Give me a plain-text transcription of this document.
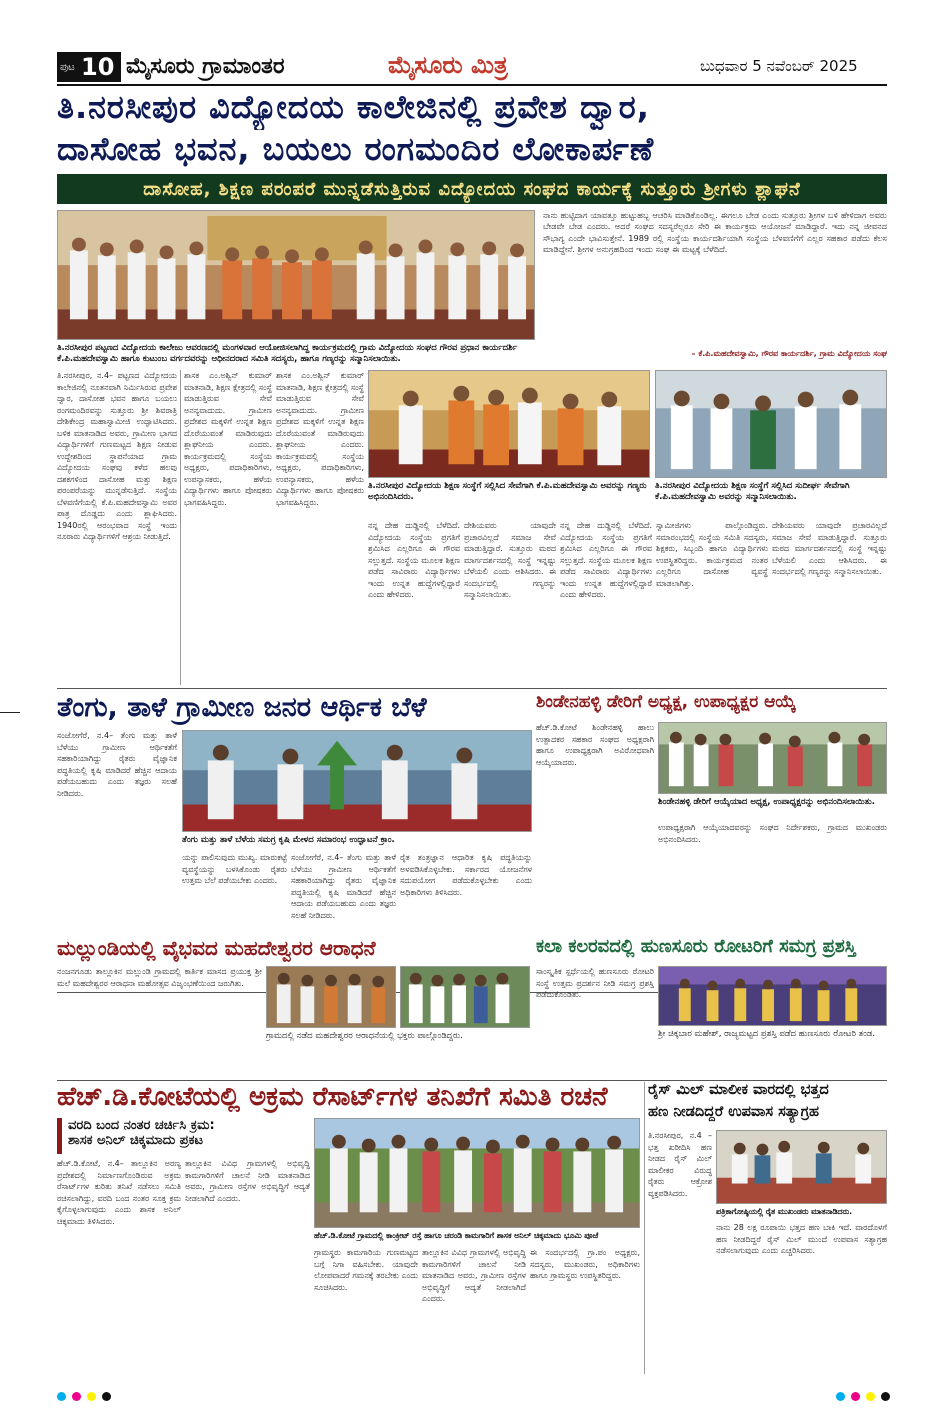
ಪುಟ 10 ಮೈಸೂರು ಗ್ರಾಮಾಂತರ	ಮೈಸೂರು ಮಿತ್ರ	ಬುಧವಾರ 5 ನವೆಂಬರ್ 2025
ತಿ.ನರಸೀಪುರ ವಿದ್ಯೋದಯ ಕಾಲೇಜಿನಲ್ಲಿ ಪ್ರವೇಶ ದ್ವಾರ,
ದಾಸೋಹ ಭವನ, ಬಯಲು ರಂಗಮಂದಿರ ಲೋಕಾರ್ಪಣೆ
ದಾಸೋಹ, ಶಿಕ್ಷಣ ಪರಂಪರೆ ಮುನ್ನಡೆಸುತ್ತಿರುವ ವಿದ್ಯೋದಯ ಸಂಘದ ಕಾರ್ಯಕ್ಕೆ ಸುತ್ತೂರು ಶ್ರೀಗಳು ಶ್ಲಾಘನೆ
ತಿ.ನರಸೀಪುರ ಪಟ್ಟಣದ ವಿದ್ಯೋದಯ ಕಾಲೇಜು ಆವರಣದಲ್ಲಿ ಮಂಗಳವಾರ ಆಯೋಜಿಸಲಾಗಿದ್ದ ಕಾರ್ಯಕ್ರಮದಲ್ಲಿ ಗ್ರಾಮ ವಿದ್ಯೋದಯ ಸಂಘದ ಗೌರವ ಪ್ರಧಾನ ಕಾರ್ಯದರ್ಶಿ ಕೆ.ಪಿ.ಮಹದೇವಸ್ವಾಮಿ ಹಾಗೂ ಕುಟುಂಬ ವರ್ಗದವರನ್ನು ಆಧೀನದರಾದ ಸಮಿತಿ ಸದಸ್ಯರು, ಹಾಗೂ ಗಣ್ಯರನ್ನು ಸನ್ಮಾನಿಸಲಾಯಿತು.
ನಾನು ಹುಟ್ಟಿದಾಗ ಯಾವತ್ತೂ ಹುಟ್ಟುಹಬ್ಬ ಆಚರಿಸಿ ಮಾಡಿಕೊಂಡಿಲ್ಲ. ಈಗಲೂ ಬೇಡ ಎಂದು ಸುತ್ತೂರು ಶ್ರೀಗಳ ಬಳಿ ಹೇಳಿದಾಗ ಅವರು ಬೇಡವೇ ಬೇಡ ಎಂದರು. ಆದರೆ ಸಂಘದ ಸದಸ್ಯರೆಲ್ಲರೂ ಸೇರಿ ಈ ಕಾರ್ಯಕ್ರಮ ಆಯೋಜನೆ ಮಾಡಿದ್ದಾರೆ. ಇದು ನನ್ನ ಜೀವನದ ಸೌಭಾಗ್ಯ ಎಂದೇ ಭಾವಿಸುತ್ತೇನೆ. 1989 ರಲ್ಲಿ ಸಂಸ್ಥೆಯ ಕಾರ್ಯದರ್ಶಿಯಾಗಿ ಸಂಸ್ಥೆಯ ಬೆಳವಣಿಗೆಗೆ ಎಲ್ಲರ ಸಹಕಾರ ಪಡೆದು ಕೆಲಸ ಮಾಡಿದ್ದೇನೆ. ಶ್ರೀಗಳ ಅನುಗ್ರಹದಿಂದ ಇಂದು ಸಂಘ ಈ ಮಟ್ಟಕ್ಕೆ ಬೆಳೆದಿದೆ.
– ಕೆ.ಪಿ.ಮಹದೇವಸ್ವಾಮಿ, ಗೌರವ ಕಾರ್ಯದರ್ಶಿ, ಗ್ರಾಮ ವಿದ್ಯೋದಯ ಸಂಘ
ತಿ.ನರಸೀಪುರ, ನ.4– ಪಟ್ಟಣದ ವಿದ್ಯೋದಯ ಕಾಲೇಜಿನಲ್ಲಿ ನೂತನವಾಗಿ ನಿರ್ಮಿಸಿರುವ ಪ್ರವೇಶ ದ್ವಾರ, ದಾಸೋಹ ಭವನ ಹಾಗೂ ಬಯಲು ರಂಗಮಂದಿರವನ್ನು ಸುತ್ತೂರು ಶ್ರೀ ಶಿವರಾತ್ರಿ ದೇಶಿಕೇಂದ್ರ ಮಹಾಸ್ವಾಮೀಜಿ ಉದ್ಘಾಟಿಸಿದರು. ಬಳಿಕ ಮಾತನಾಡಿದ ಅವರು, ಗ್ರಾಮೀಣ ಭಾಗದ ವಿದ್ಯಾರ್ಥಿಗಳಿಗೆ ಗುಣಮಟ್ಟದ ಶಿಕ್ಷಣ ನೀಡುವ ಉದ್ದೇಶದಿಂದ ಸ್ಥಾಪನೆಯಾದ ಗ್ರಾಮ ವಿದ್ಯೋದಯ ಸಂಘವು ಕಳೆದ ಹಲವು ದಶಕಗಳಿಂದ ದಾಸೋಹ ಮತ್ತು ಶಿಕ್ಷಣ ಪರಂಪರೆಯನ್ನು ಮುನ್ನಡೆಸುತ್ತಿದೆ. ಸಂಸ್ಥೆಯ ಬೆಳವಣಿಗೆಯಲ್ಲಿ ಕೆ.ಪಿ.ಮಹದೇವಸ್ವಾಮಿ ಅವರ ಪಾತ್ರ ದೊಡ್ಡದು ಎಂದು ಶ್ಲಾಘಿಸಿದರು. 1940ರಲ್ಲಿ ಆರಂಭವಾದ ಸಂಸ್ಥೆ ಇಂದು ನೂರಾರು ವಿದ್ಯಾರ್ಥಿಗಳಿಗೆ ಆಶ್ರಯ ನೀಡುತ್ತಿದೆ.
ಶಾಸಕ ಎಂ.ಅಶ್ವಿನ್ ಕುಮಾರ್ ಮಾತನಾಡಿ, ಶಿಕ್ಷಣ ಕ್ಷೇತ್ರದಲ್ಲಿ ಸಂಸ್ಥೆ ಮಾಡುತ್ತಿರುವ ಸೇವೆ ಅನನ್ಯವಾದುದು. ಗ್ರಾಮೀಣ ಪ್ರದೇಶದ ಮಕ್ಕಳಿಗೆ ಉನ್ನತ ಶಿಕ್ಷಣ ದೊರೆಯುವಂತೆ ಮಾಡಿರುವುದು ಶ್ಲಾಘನೀಯ ಎಂದರು. ಕಾರ್ಯಕ್ರಮದಲ್ಲಿ ಸಂಸ್ಥೆಯ ಅಧ್ಯಕ್ಷರು, ಪದಾಧಿಕಾರಿಗಳು, ಉಪನ್ಯಾಸಕರು, ಹಳೆಯ ವಿದ್ಯಾರ್ಥಿಗಳು ಹಾಗೂ ಪೋಷಕರು ಭಾಗವಹಿಸಿದ್ದರು.
ಶಾಸಕ ಎಂ.ಅಶ್ವಿನ್ ಕುಮಾರ್ ಮಾತನಾಡಿ, ಶಿಕ್ಷಣ ಕ್ಷೇತ್ರದಲ್ಲಿ ಸಂಸ್ಥೆ ಮಾಡುತ್ತಿರುವ ಸೇವೆ ಅನನ್ಯವಾದುದು. ಗ್ರಾಮೀಣ ಪ್ರದೇಶದ ಮಕ್ಕಳಿಗೆ ಉನ್ನತ ಶಿಕ್ಷಣ ದೊರೆಯುವಂತೆ ಮಾಡಿರುವುದು ಶ್ಲಾಘನೀಯ ಎಂದರು. ಕಾರ್ಯಕ್ರಮದಲ್ಲಿ ಸಂಸ್ಥೆಯ ಅಧ್ಯಕ್ಷರು, ಪದಾಧಿಕಾರಿಗಳು, ಉಪನ್ಯಾಸಕರು, ಹಳೆಯ ವಿದ್ಯಾರ್ಥಿಗಳು ಹಾಗೂ ಪೋಷಕರು ಭಾಗವಹಿಸಿದ್ದರು.
ತಿ.ನರಸೀಪುರ ವಿದ್ಯೋದಯ ಶಿಕ್ಷಣ ಸಂಸ್ಥೆಗೆ ಸಲ್ಲಿಸಿದ ಸೇವೆಗಾಗಿ ಕೆ.ಪಿ.ಮಹದೇವಸ್ವಾಮಿ ಅವರನ್ನು ಗಣ್ಯರು ಅಭಿನಂದಿಸಿದರು.
ತಿ.ನರಸೀಪುರ ವಿದ್ಯೋದಯ ಶಿಕ್ಷಣ ಸಂಸ್ಥೆಗೆ ಸಲ್ಲಿಸಿದ ಸುದೀರ್ಘ ಸೇವೆಗಾಗಿ ಕೆ.ಪಿ.ಮಹದೇವಸ್ವಾಮಿ ಅವರನ್ನು ಸನ್ಮಾನಿಸಲಾಯಿತು.
ನನ್ನ ದೇಹ ದುಡ್ಡಿನಲ್ಲಿ ಬೆಳೆದಿದೆ. ವಿದ್ಯೋದಯ ಸಂಸ್ಥೆಯ ಪ್ರಗತಿಗೆ ಶ್ರಮಿಸಿದ ಎಲ್ಲರಿಗೂ ಈ ಗೌರವ ಸಲ್ಲುತ್ತದೆ. ಸಂಸ್ಥೆಯ ಮೂಲಕ ಶಿಕ್ಷಣ ಪಡೆದ ಸಾವಿರಾರು ವಿದ್ಯಾರ್ಥಿಗಳು ಇಂದು ಉನ್ನತ ಹುದ್ದೆಗಳಲ್ಲಿದ್ದಾರೆ ಎಂದು ಹೇಳಿದರು.
ದೇಶಿಯವರು ಯಾವುದೇ ಪ್ರಚಾರವಿಲ್ಲದೆ ಸಮಾಜ ಸೇವೆ ಮಾಡುತ್ತಿದ್ದಾರೆ. ಸುತ್ತೂರು ಮಠದ ಮಾರ್ಗದರ್ಶನದಲ್ಲಿ ಸಂಸ್ಥೆ ಇನ್ನಷ್ಟು ಬೆಳೆಯಲಿ ಎಂದು ಆಶಿಸಿದರು. ಈ ಸಂದರ್ಭದಲ್ಲಿ ಗಣ್ಯರನ್ನು ಸನ್ಮಾನಿಸಲಾಯಿತು.
ನನ್ನ ದೇಹ ದುಡ್ಡಿನಲ್ಲಿ ಬೆಳೆದಿದೆ. ವಿದ್ಯೋದಯ ಸಂಸ್ಥೆಯ ಪ್ರಗತಿಗೆ ಶ್ರಮಿಸಿದ ಎಲ್ಲರಿಗೂ ಈ ಗೌರವ ಸಲ್ಲುತ್ತದೆ. ಸಂಸ್ಥೆಯ ಮೂಲಕ ಶಿಕ್ಷಣ ಪಡೆದ ಸಾವಿರಾರು ವಿದ್ಯಾರ್ಥಿಗಳು ಇಂದು ಉನ್ನತ ಹುದ್ದೆಗಳಲ್ಲಿದ್ದಾರೆ ಎಂದು ಹೇಳಿದರು.
ಸ್ವಾಮೀಜಿಗಳು ಪಾಲ್ಗೊಂಡಿದ್ದರು. ಸಮಾರಂಭದಲ್ಲಿ ಸಂಸ್ಥೆಯ ಸಮಿತಿ ಸದಸ್ಯರು, ಶಿಕ್ಷಕರು, ಸಿಬ್ಬಂದಿ ಹಾಗೂ ವಿದ್ಯಾರ್ಥಿಗಳು ಉಪಸ್ಥಿತರಿದ್ದರು. ಕಾರ್ಯಕ್ರಮದ ನಂತರ ಎಲ್ಲರಿಗೂ ದಾಸೋಹ ವ್ಯವಸ್ಥೆ ಮಾಡಲಾಗಿತ್ತು.
ದೇಶಿಯವರು ಯಾವುದೇ ಪ್ರಚಾರವಿಲ್ಲದೆ ಸಮಾಜ ಸೇವೆ ಮಾಡುತ್ತಿದ್ದಾರೆ. ಸುತ್ತೂರು ಮಠದ ಮಾರ್ಗದರ್ಶನದಲ್ಲಿ ಸಂಸ್ಥೆ ಇನ್ನಷ್ಟು ಬೆಳೆಯಲಿ ಎಂದು ಆಶಿಸಿದರು. ಈ ಸಂದರ್ಭದಲ್ಲಿ ಗಣ್ಯರನ್ನು ಸನ್ಮಾನಿಸಲಾಯಿತು.
ತೆಂಗು, ತಾಳೆ ಗ್ರಾಮೀಣ ಜನರ ಆರ್ಥಿಕ ಬೆಳೆ
ಸಂಜೋಗೆರೆ, ನ.4– ತೆಂಗು ಮತ್ತು ತಾಳೆ ಬೆಳೆಯು ಗ್ರಾಮೀಣ ಆರ್ಥಿಕತೆಗೆ ಸಹಕಾರಿಯಾಗಿದ್ದು ರೈತರು ವೈಜ್ಞಾನಿಕ ಪದ್ಧತಿಯಲ್ಲಿ ಕೃಷಿ ಮಾಡಿದರೆ ಹೆಚ್ಚಿನ ಆದಾಯ ಪಡೆಯಬಹುದು ಎಂದು ತಜ್ಞರು ಸಲಹೆ ನೀಡಿದರು.
ತೆಂಗು ಮತ್ತು ತಾಳೆ ಬೆಳೆಯ ಸಮಗ್ರ ಕೃಷಿ ಮೇಳದ ಸಮಾರಂಭ ಉದ್ಘಾಟನೆ ಕ್ರಾಂ.
ಯನ್ನು ಪಾಲಿಸುವುದು ಮುಖ್ಯ. ಮಾರುಕಟ್ಟೆ ವ್ಯವಸ್ಥೆಯನ್ನು ಬಳಸಿಕೊಂಡು ರೈತರು ಉತ್ತಮ ಬೆಲೆ ಪಡೆಯಬೇಕು ಎಂದರು.
ಸಂಜೋಗೆರೆ, ನ.4– ತೆಂಗು ಮತ್ತು ತಾಳೆ ಬೆಳೆಯು ಗ್ರಾಮೀಣ ಆರ್ಥಿಕತೆಗೆ ಸಹಕಾರಿಯಾಗಿದ್ದು ರೈತರು ವೈಜ್ಞಾನಿಕ ಪದ್ಧತಿಯಲ್ಲಿ ಕೃಷಿ ಮಾಡಿದರೆ ಹೆಚ್ಚಿನ ಆದಾಯ ಪಡೆಯಬಹುದು ಎಂದು ತಜ್ಞರು ಸಲಹೆ ನೀಡಿದರು.
ರೈತ ತಂತ್ರಜ್ಞಾನ ಆಧಾರಿತ ಕೃಷಿ ಪದ್ಧತಿಯನ್ನು ಅಳವಡಿಸಿಕೊಳ್ಳಬೇಕು. ಸರ್ಕಾರದ ಯೋಜನೆಗಳ ಸದುಪಯೋಗ ಪಡೆದುಕೊಳ್ಳಬೇಕು ಎಂದು ಅಧಿಕಾರಿಗಳು ತಿಳಿಸಿದರು.
ಶಿಂಡೇನಹಳ್ಳಿ ಡೇರಿಗೆ ಅಧ್ಯಕ್ಷ, ಉಪಾಧ್ಯಕ್ಷರ ಆಯ್ಕೆ
ಹೆಚ್.ಡಿ.ಕೋಟೆ ಶಿಂಡೇನಹಳ್ಳಿ ಹಾಲು ಉತ್ಪಾದಕರ ಸಹಕಾರ ಸಂಘದ ಅಧ್ಯಕ್ಷರಾಗಿ ಹಾಗೂ ಉಪಾಧ್ಯಕ್ಷರಾಗಿ ಅವಿರೋಧವಾಗಿ ಆಯ್ಕೆಯಾದರು.
ಶಿಂಡೇನಹಳ್ಳಿ ಡೇರಿಗೆ ಆಯ್ಕೆಯಾದ ಅಧ್ಯಕ್ಷ, ಉಪಾಧ್ಯಕ್ಷರನ್ನು ಅಭಿನಂದಿಸಲಾಯಿತು.
ಉಪಾಧ್ಯಕ್ಷರಾಗಿ ಆಯ್ಕೆಯಾದವರನ್ನು ಸಂಘದ ನಿರ್ದೇಶಕರು, ಗ್ರಾಮದ ಮುಖಂಡರು ಅಭಿನಂದಿಸಿದರು.
ಮಲ್ಲುಂಡಿಯಲ್ಲಿ ವೈಭವದ ಮಹದೇಶ್ವರರ ಆರಾಧನೆ
ನಂಜನಗೂಡು ತಾಲ್ಲೂಕಿನ ಮಲ್ಲುಂಡಿ ಗ್ರಾಮದಲ್ಲಿ ಕಾರ್ತಿಕ ಮಾಸದ ಪ್ರಯುಕ್ತ ಶ್ರೀ ಮಲೆ ಮಹದೇಶ್ವರರ ಆರಾಧನಾ ಮಹೋತ್ಸವ ವಿಜೃಂಭಣೆಯಿಂದ ಜರುಗಿತು.
ಗ್ರಾಮದಲ್ಲಿ ನಡೆದ ಮಹದೇಶ್ವರರ ಆರಾಧನೆಯಲ್ಲಿ ಭಕ್ತರು ಪಾಲ್ಗೊಂಡಿದ್ದರು.
ಕಲಾ ಕಲರವದಲ್ಲಿ ಹುಣಸೂರು ರೋಟರಿಗೆ ಸಮಗ್ರ ಪ್ರಶಸ್ತಿ
ಸಾಂಸ್ಕೃತಿಕ ಸ್ಪರ್ಧೆಯಲ್ಲಿ ಹುಣಸೂರು ರೋಟರಿ ಸಂಸ್ಥೆ ಉತ್ತಮ ಪ್ರದರ್ಶನ ನೀಡಿ ಸಮಗ್ರ ಪ್ರಶಸ್ತಿ ಪಡೆದುಕೊಂಡಿತು.
ಶ್ರೀ ಚಿಕ್ಕಬಾರ ಮಹೇಶ್, ರಾಜ್ಯಮಟ್ಟದ ಪ್ರಶಸ್ತಿ ಪಡೆದ ಹುಣಸೂರು ರೋಟರಿ ತಂಡ.
ಹೆಚ್.ಡಿ.ಕೋಟೆಯಲ್ಲಿ ಅಕ್ರಮ ರೆಸಾರ್ಟ್‌ಗಳ ತನಿಖೆಗೆ ಸಮಿತಿ ರಚನೆ
ವರದಿ ಬಂದ ನಂತರ ಚರ್ಚಿಸಿ ಕ್ರಮ:
ಶಾಸಕ ಅನಿಲ್ ಚಿಕ್ಕಮಾದು ಪ್ರಕಟ
ಹೆಚ್.ಡಿ.ಕೋಟೆ, ನ.4– ತಾಲ್ಲೂಕಿನ ಅರಣ್ಯ ಪ್ರದೇಶದಲ್ಲಿ ನಿರ್ಮಾಣಗೊಂಡಿರುವ ಅಕ್ರಮ ರೆಸಾರ್ಟ್‌ಗಳ ಕುರಿತು ತನಿಖೆ ನಡೆಸಲು ಸಮಿತಿ ರಚಿಸಲಾಗಿದ್ದು, ವರದಿ ಬಂದ ನಂತರ ಸೂಕ್ತ ಕ್ರಮ ಕೈಗೊಳ್ಳಲಾಗುವುದು ಎಂದು ಶಾಸಕ ಅನಿಲ್ ಚಿಕ್ಕಮಾದು ತಿಳಿಸಿದರು.
ತಾಲ್ಲೂಕಿನ ವಿವಿಧ ಗ್ರಾಮಗಳಲ್ಲಿ ಅಭಿವೃದ್ಧಿ ಕಾಮಗಾರಿಗಳಿಗೆ ಚಾಲನೆ ನೀಡಿ ಮಾತನಾಡಿದ ಅವರು, ಗ್ರಾಮೀಣ ರಸ್ತೆಗಳ ಅಭಿವೃದ್ಧಿಗೆ ಆದ್ಯತೆ ನೀಡಲಾಗಿದೆ ಎಂದರು.
ಹೆಚ್.ಡಿ.ಕೋಟೆ ಗ್ರಾಮದಲ್ಲಿ ಕಾಂಕ್ರೀಟ್ ರಸ್ತೆ ಹಾಗೂ ಚರಂಡಿ ಕಾಮಗಾರಿಗೆ ಶಾಸಕ ಅನಿಲ್ ಚಿಕ್ಕಮಾದು ಭೂಮಿ ಪೂಜೆ
ಗ್ರಾಮಸ್ಥರು ಕಾಮಗಾರಿಯ ಗುಣಮಟ್ಟದ ಬಗ್ಗೆ ನಿಗಾ ವಹಿಸಬೇಕು. ಯಾವುದೇ ಲೋಪವಾದರೆ ಗಮನಕ್ಕೆ ತರಬೇಕು ಎಂದು ಸೂಚಿಸಿದರು.
ತಾಲ್ಲೂಕಿನ ವಿವಿಧ ಗ್ರಾಮಗಳಲ್ಲಿ ಅಭಿವೃದ್ಧಿ ಕಾಮಗಾರಿಗಳಿಗೆ ಚಾಲನೆ ನೀಡಿ ಮಾತನಾಡಿದ ಅವರು, ಗ್ರಾಮೀಣ ರಸ್ತೆಗಳ ಅಭಿವೃದ್ಧಿಗೆ ಆದ್ಯತೆ ನೀಡಲಾಗಿದೆ ಎಂದರು.
ಈ ಸಂದರ್ಭದಲ್ಲಿ ಗ್ರಾ.ಪಂ ಅಧ್ಯಕ್ಷರು, ಸದಸ್ಯರು, ಮುಖಂಡರು, ಅಧಿಕಾರಿಗಳು ಹಾಗೂ ಗ್ರಾಮಸ್ಥರು ಉಪಸ್ಥಿತರಿದ್ದರು.
ರೈಸ್ ಮಿಲ್ ಮಾಲೀಕ ವಾರದಲ್ಲಿ ಭತ್ತದ
ಹಣ ನೀಡದಿದ್ದರೆ ಉಪವಾಸ ಸತ್ಯಾಗ್ರಹ
ತಿ.ನರಸೀಪುರ, ನ.4 – ಭತ್ತ ಖರೀದಿಸಿ ಹಣ ನೀಡದ ರೈಸ್ ಮಿಲ್ ಮಾಲೀಕರ ವಿರುದ್ಧ ರೈತರು ಆಕ್ರೋಶ ವ್ಯಕ್ತಪಡಿಸಿದರು.
ಪತ್ರಿಕಾಗೋಷ್ಠಿಯಲ್ಲಿ ರೈತ ಮುಖಂಡರು ಮಾತನಾಡಿದರು.
ನಾನು 28 ಲಕ್ಷ ರೂಪಾಯಿ ಭತ್ತದ ಹಣ ಬಾಕಿ ಇದೆ. ವಾರದೊಳಗೆ ಹಣ ನೀಡದಿದ್ದರೆ ರೈಸ್ ಮಿಲ್ ಮುಂದೆ ಉಪವಾಸ ಸತ್ಯಾಗ್ರಹ ನಡೆಸಲಾಗುವುದು ಎಂದು ಎಚ್ಚರಿಸಿದರು.
